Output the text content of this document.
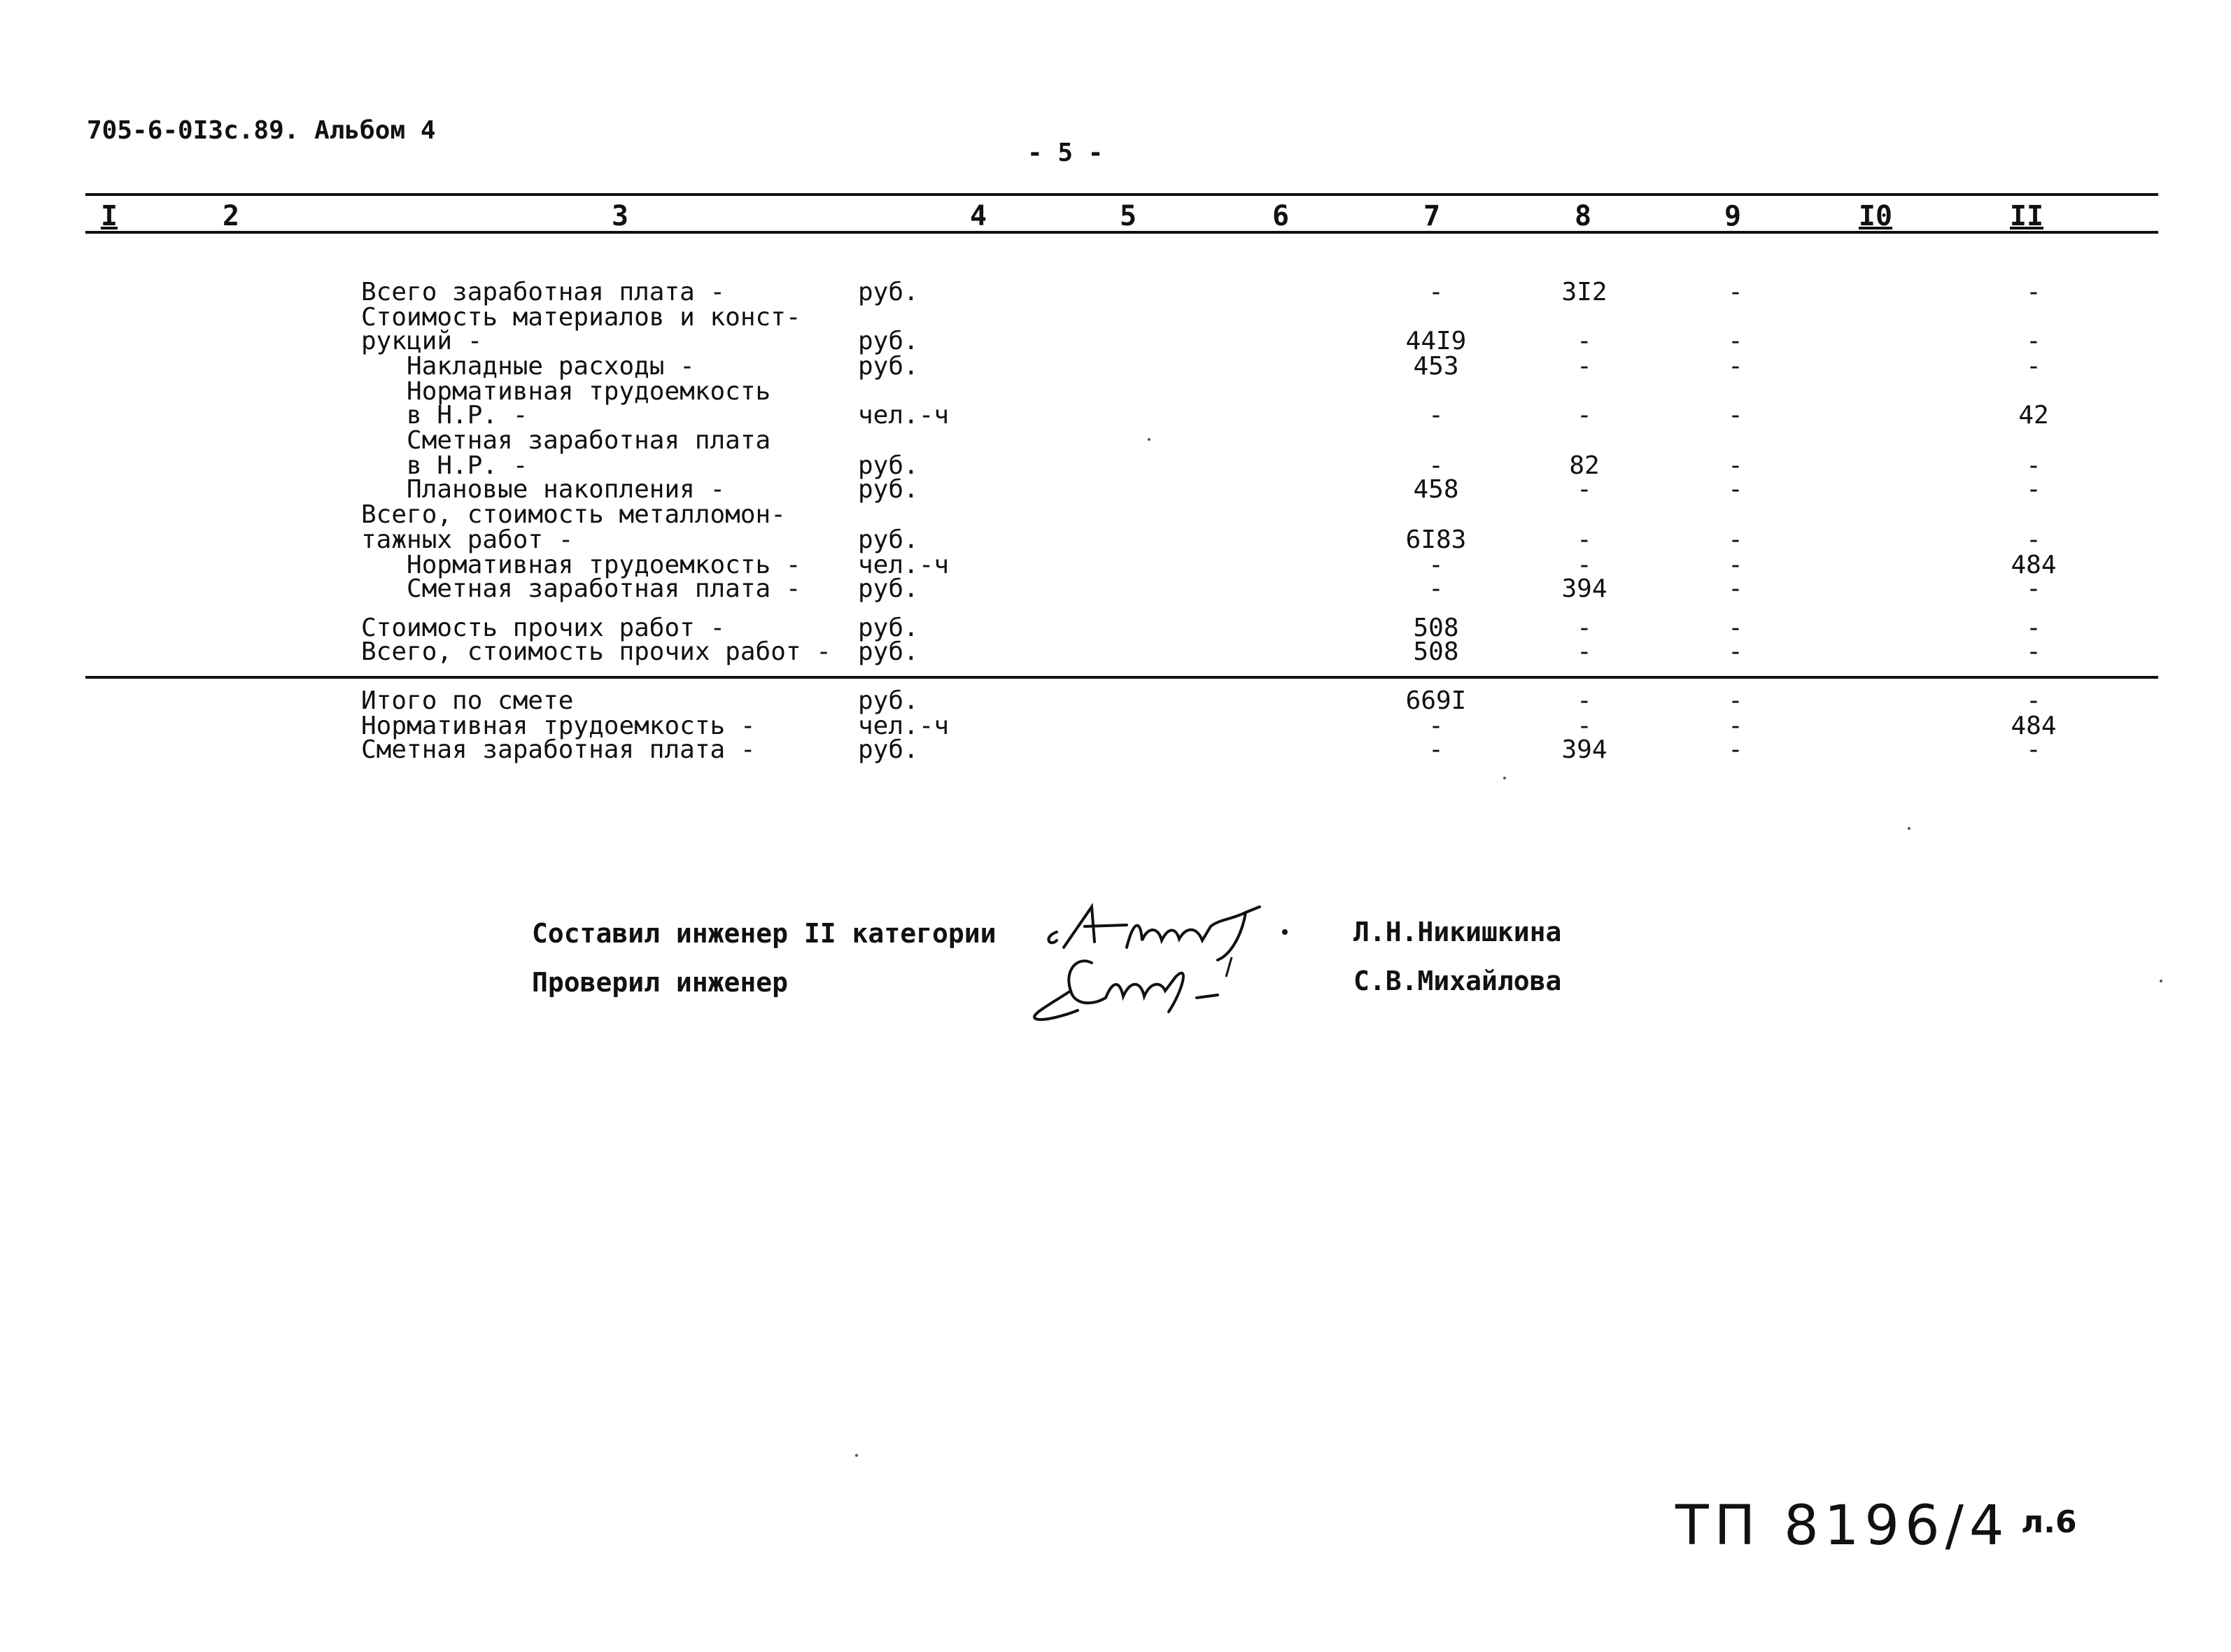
705-6-0I3с.89. Альбом 4
- 5 -
I	2	3	4	5	6	7	8	9	I0	II
Всего заработная плата -	руб.	-	3I2	-	-
Стоимость материалов и конст-
рукций -	руб.	44I9	-	-	-
Накладные расходы -	руб.	453	-	-	-
Нормативная трудоемкость
в Н.Р. -	чел.-ч	-	-	-	42
Сметная заработная плата
в Н.Р. -	руб.	-	82	-	-
Плановые накопления -	руб.	458	-	-	-
Всего, стоимость металломон-
тажных работ -	руб.	6I83	-	-	-
Нормативная трудоемкость - чел.-ч	-	-	-	484
Сметная заработная плата - руб.	-	394	-	-
Стоимость прочих работ -	руб.	508	-	-	-
Всего, стоимость прочих работ - руб.	508	-	-	-
Итого по смете	руб.	669I	-	-	-
Нормативная трудоемкость -	чел.-ч	-	-	-	484
Сметная заработная плата -	руб.	-	394	-	-
Составил инженер II категории	Л.Н.Никишкина
Проверил инженер	С.В.Михайлова
ТП 8196/4 л.6
